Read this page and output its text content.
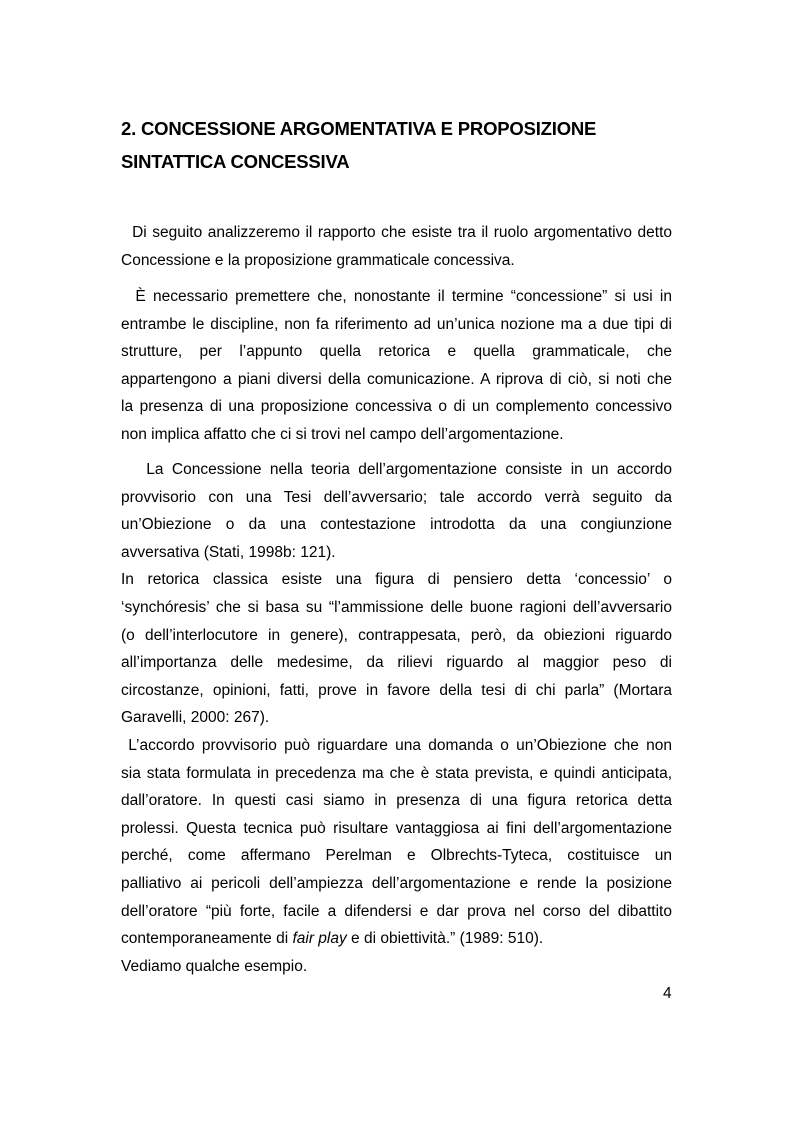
2. CONCESSIONE ARGOMENTATIVA E PROPOSIZIONE
SINTATTICA CONCESSIVA
Di seguito analizzeremo il rapporto che esiste tra il ruolo argomentativo detto
Concessione e la proposizione grammaticale concessiva.
È necessario premettere che, nonostante il termine “concessione” si usi in
entrambe le discipline, non fa riferimento ad un’unica nozione ma a due tipi di
strutture, per l’appunto quella retorica e quella grammaticale, che
appartengono a piani diversi della comunicazione. A riprova di ciò, si noti che
la presenza di una proposizione concessiva o di un complemento concessivo
non implica affatto che ci si trovi nel campo dell’argomentazione.
La Concessione nella teoria dell’argomentazione consiste in un accordo
provvisorio con una Tesi dell’avversario; tale accordo verrà seguito da
un’Obiezione o da una contestazione introdotta da una congiunzione
avversativa (Stati, 1998b: 121).
In retorica classica esiste una figura di pensiero detta ‘concessio’ o
‘synchóresis’ che si basa su “l’ammissione delle buone ragioni dell’avversario
(o dell’interlocutore in genere), contrappesata, però, da obiezioni riguardo
all’importanza delle medesime, da rilievi riguardo al maggior peso di
circostanze, opinioni, fatti, prove in favore della tesi di chi parla” (Mortara
Garavelli, 2000: 267).
L’accordo provvisorio può riguardare una domanda o un’Obiezione che non
sia stata formulata in precedenza ma che è stata prevista, e quindi anticipata,
dall’oratore. In questi casi siamo in presenza di una figura retorica detta
prolessi. Questa tecnica può risultare vantaggiosa ai fini dell’argomentazione
perché, come affermano Perelman e Olbrechts-Tyteca, costituisce un
palliativo ai pericoli dell’ampiezza dell’argomentazione e rende la posizione
dell’oratore “più forte, facile a difendersi e dar prova nel corso del dibattito
contemporaneamente di fair play e di obiettività.” (1989: 510).
Vediamo qualche esempio.
4
